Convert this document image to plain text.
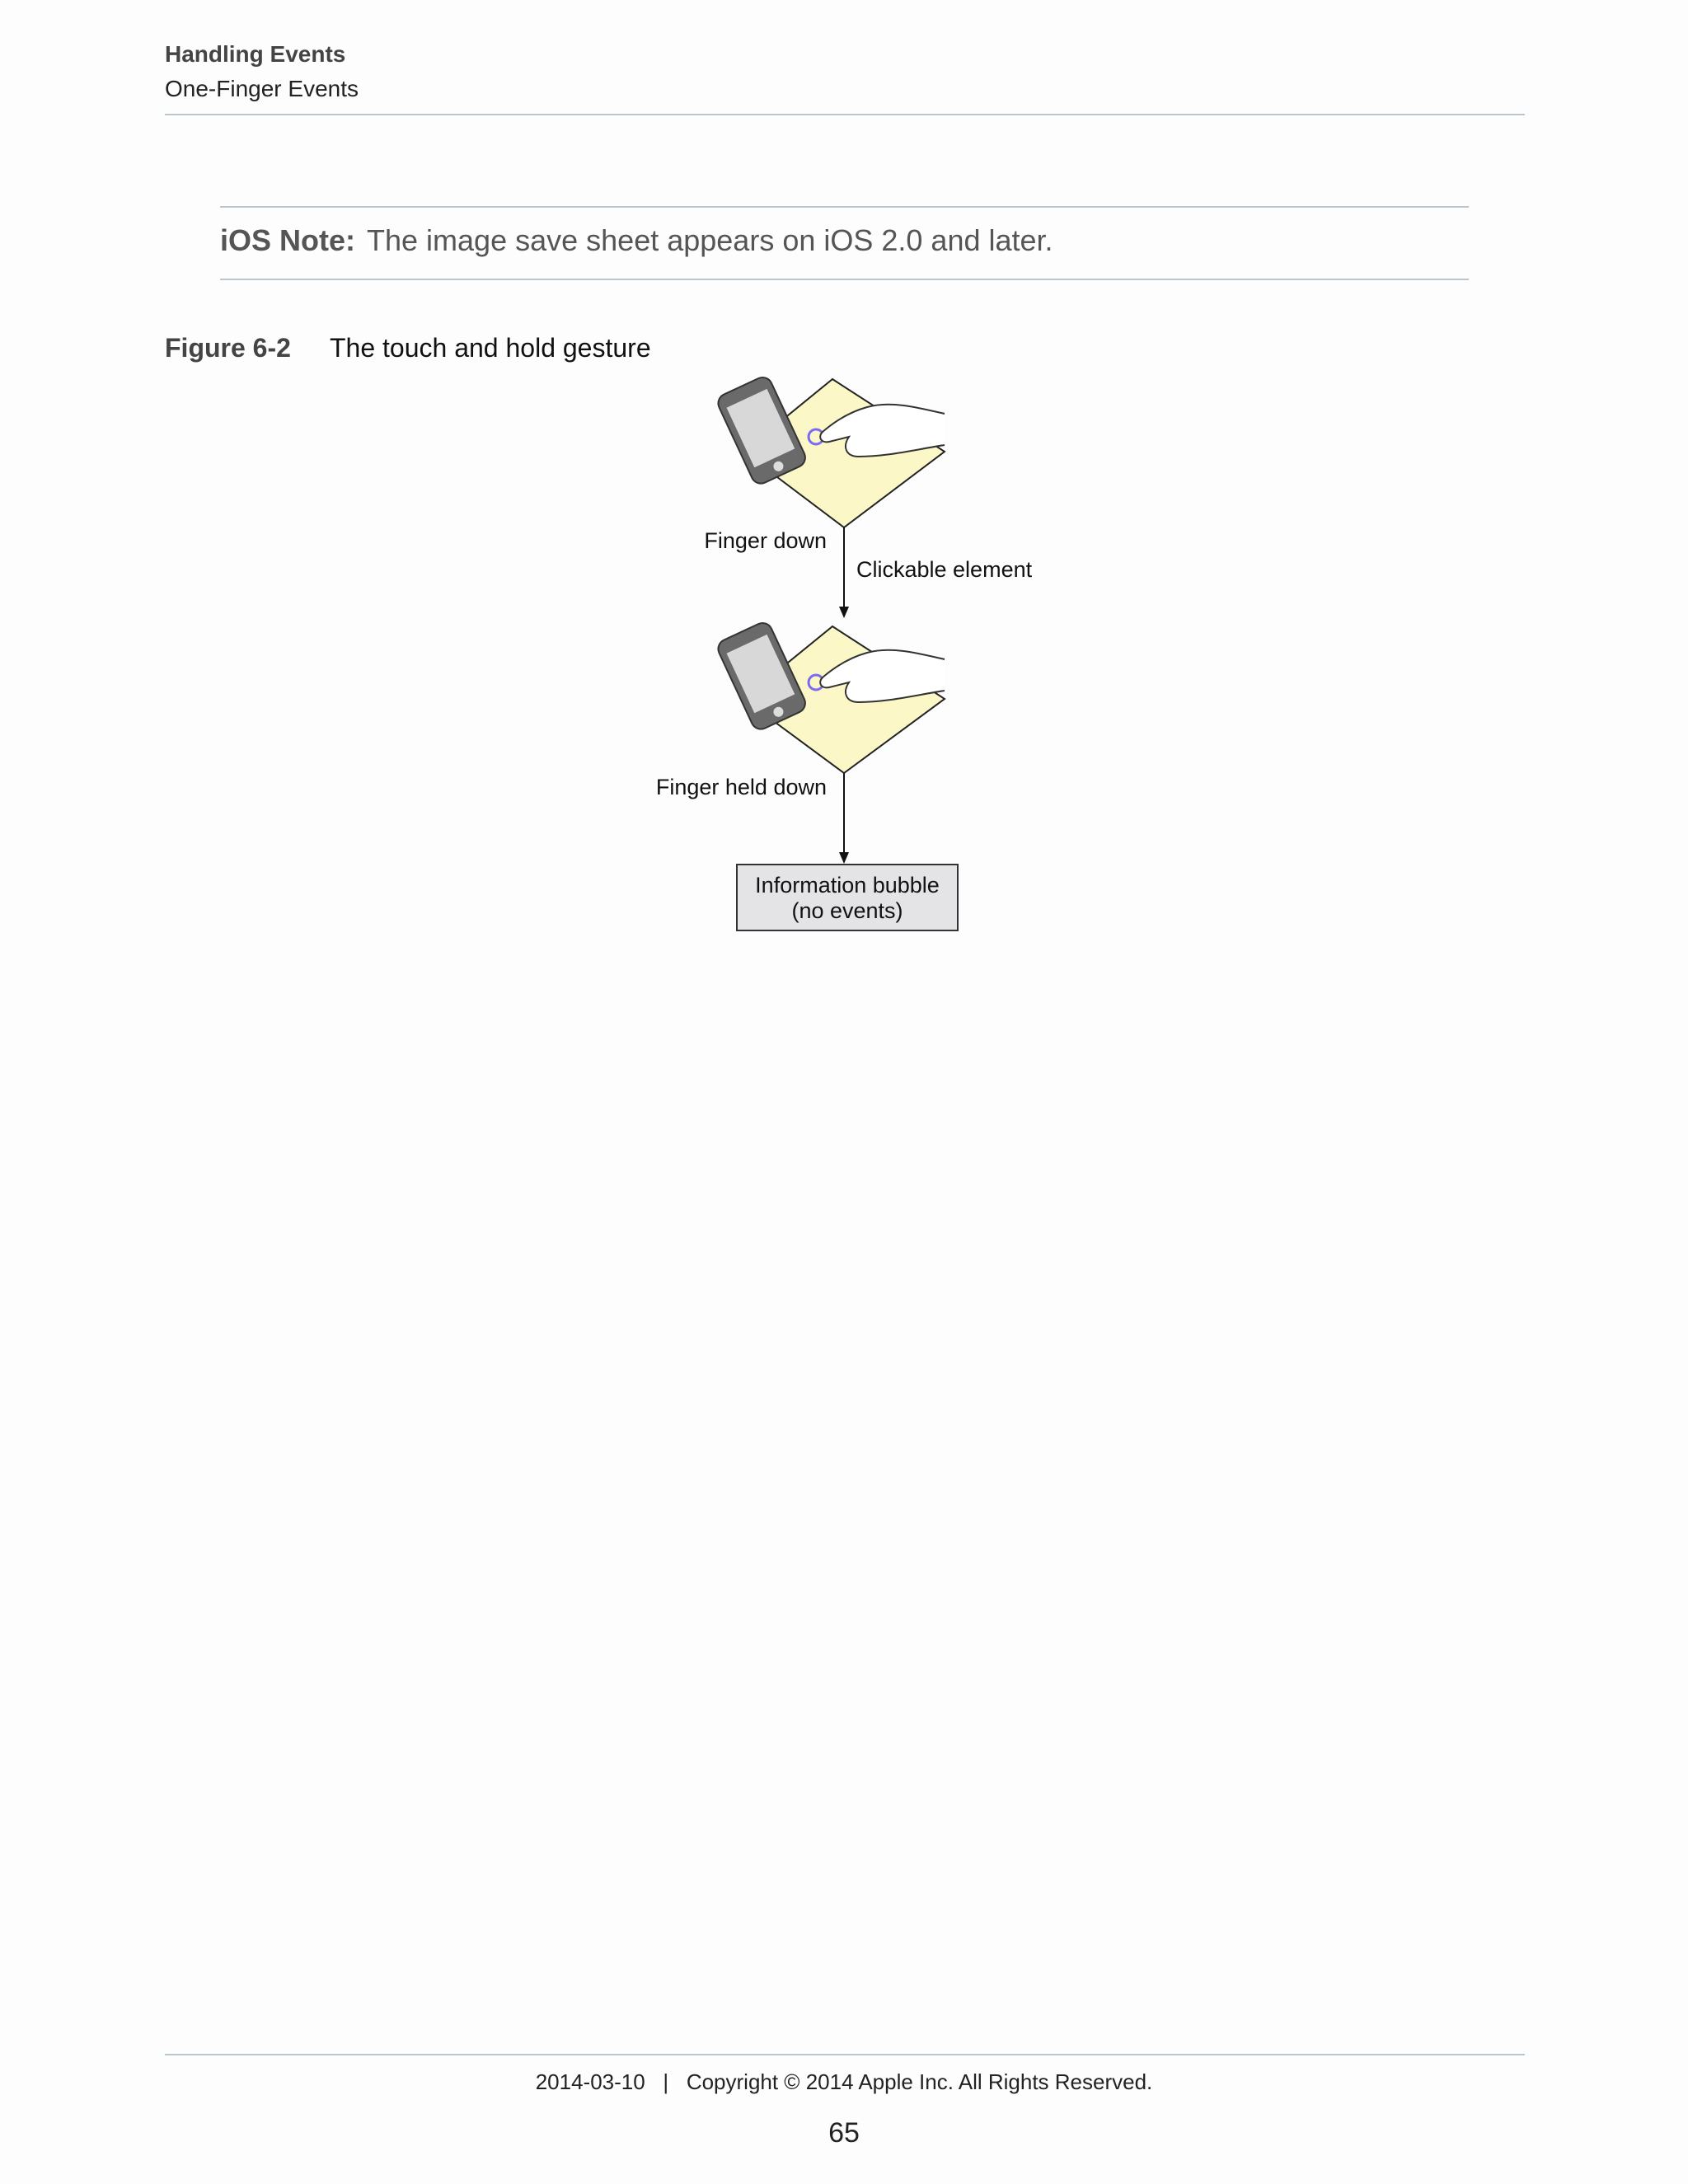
Handling Events
One-Finger Events
iOS Note: The image save sheet appears on iOS 2.0 and later.
Figure 6-2 The touch and hold gesture
Finger down
Clickable element
Finger held down
Information bubble
(no events)
2014-03-10 | Copyright © 2014 Apple Inc. All Rights Reserved.
65
